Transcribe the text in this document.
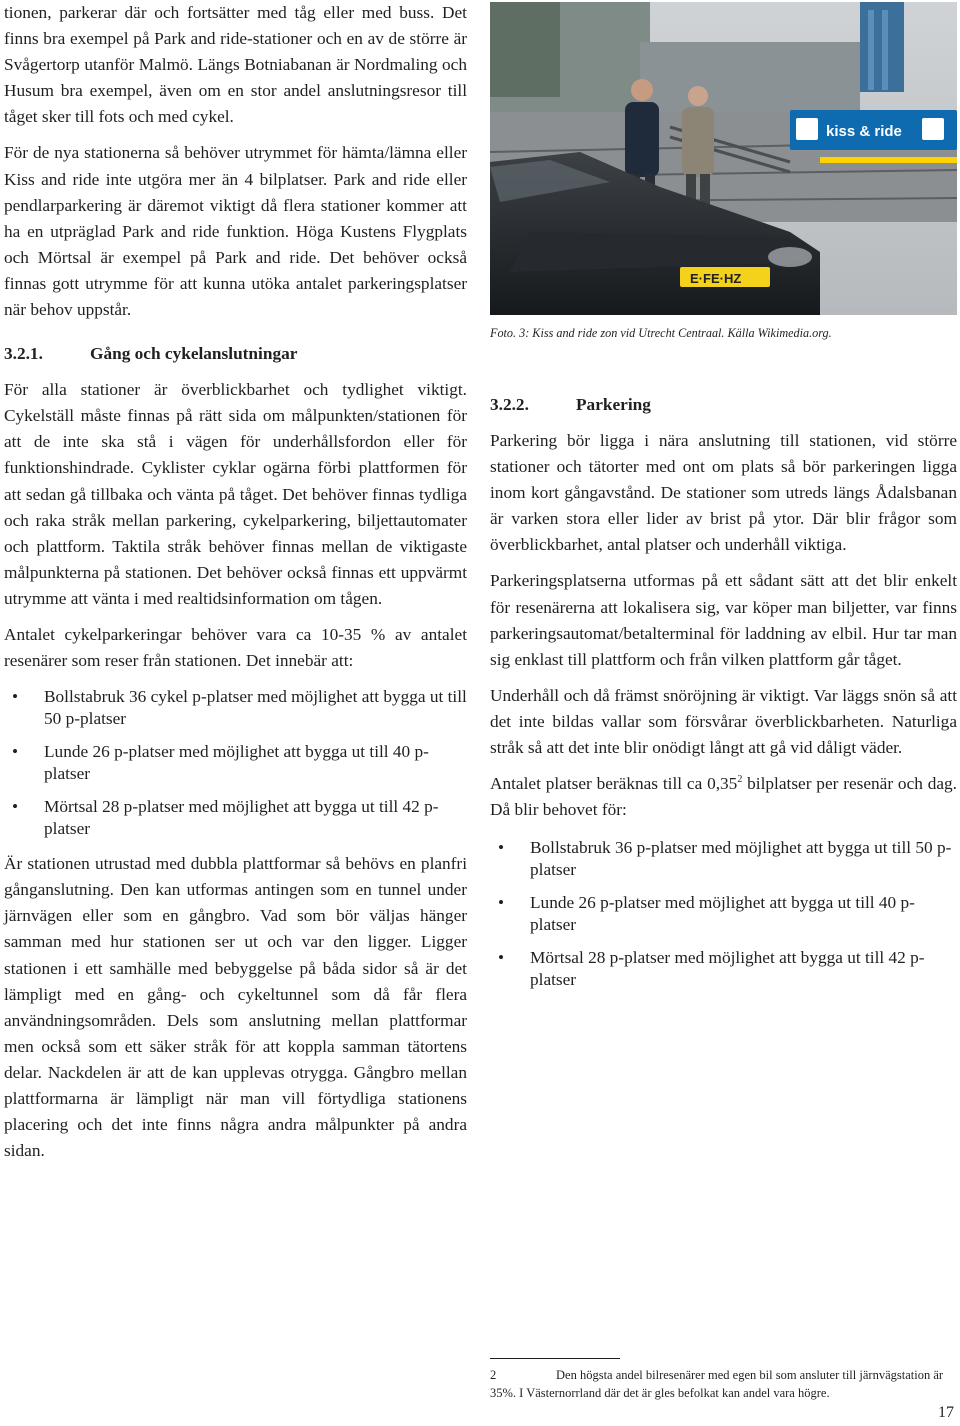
tionen, parkerar där och fortsätter med tåg eller med buss. Det finns bra exempel på Park and ride-stationer och en av de större är Svågertorp utanför Malmö. Längs Botniabanan är Nordmaling och Husum bra exempel, även om en stor andel anslutningsresor till tåget sker till fots och med cykel.

För de nya stationerna så behöver utrymmet för hämta/lämna eller Kiss and ride inte utgöra mer än 4 bilplatser. Park and ride eller pendlarparkering är däremot viktigt då flera stationer kommer att ha en utpräglad Park and ride funktion. Höga Kustens Flygplats och Mörtsal är exempel på Park and ride. Det behöver också finnas gott utrymme för att kunna utöka antalet parkeringsplatser när behov uppstår.

3.2.1.	Gång och cykelanslutningar

För alla stationer är överblickbarhet och tydlighet viktigt. Cykelställ måste finnas på rätt sida om målpunkten/stationen för att de inte ska stå i vägen för underhållsfordon eller för funktionshindrade. Cyklister cyklar ogärna förbi plattformen för att sedan gå tillbaka och vänta på tåget. Det behöver finnas tydliga och raka stråk mellan parkering, cykelparkering, biljettautomater och plattform. Taktila stråk behöver finnas mellan de viktigaste målpunkterna på stationen. Det behöver också finnas ett uppvärmt utrymme att vänta i med realtidsinformation om tågen.

Antalet cykelparkeringar behöver vara ca 10-35 % av antalet resenärer som reser från stationen. Det innebär att:

• Bollstabruk 36 cykel p-platser med möjlighet att bygga ut till 50 p-platser
• Lunde 26 p-platser med möjlighet att bygga ut till 40 p-platser
• Mörtsal 28 p-platser med möjlighet att bygga ut till 42 p-platser

Är stationen utrustad med dubbla plattformar så behövs en planfri gånganslutning. Den kan utformas antingen som en tunnel under järnvägen eller som en gångbro. Vad som bör väljas hänger samman med hur stationen ser ut och var den ligger. Ligger stationen i ett samhälle med bebyggelse på båda sidor så är det lämpligt med en gång- och cykeltunnel som då får flera användningsområden. Dels som anslutning mellan plattformar men också som ett säker stråk för att koppla samman tätortens delar. Nackdelen är att de kan upplevas otrygga. Gångbro mellan plattformarna är lämpligt när man vill förtydliga stationens placering och det inte finns några andra målpunkter på andra sidan.

kiss & ride
E·FE·HZ
Foto. 3: Kiss and ride zon vid Utrecht Centraal. Källa Wikimedia.org.
3.2.2.	Parkering

Parkering bör ligga i nära anslutning till stationen, vid större stationer och tätorter med ont om plats så bör parkeringen ligga inom kort gångavstånd. De stationer som utreds längs Ådalsbanan är varken stora eller lider av brist på ytor. Där blir frågor som överblickbarhet, antal platser och underhåll viktiga.

Parkeringsplatserna utformas på ett sådant sätt att det blir enkelt för resenärerna att lokalisera sig, var köper man biljetter, var finns parkeringsautomat/betalterminal för laddning av elbil. Hur tar man sig enklast till plattform och från vilken plattform går tåget.

Underhåll och då främst snöröjning är viktigt. Var läggs snön så att det inte bildas vallar som försvårar överblickbarheten. Naturliga stråk så att det inte blir onödigt långt att gå vid dåligt väder.

Antalet platser beräknas till ca 0,35$^2$ bilplatser per resenär och dag. Då blir behovet för:

• Bollstabruk 36 p-platser med möjlighet att bygga ut till 50 p-platser
• Lunde 26 p-platser med möjlighet att bygga ut till 40 p-platser
• Mörtsal 28 p-platser med möjlighet att bygga ut till 42 p-platser
2	Den högsta andel bilresenärer med egen bil som ansluter till järnvägstation är 35%. I Västernorrland där det är gles befolkat kan andel vara högre.
17
